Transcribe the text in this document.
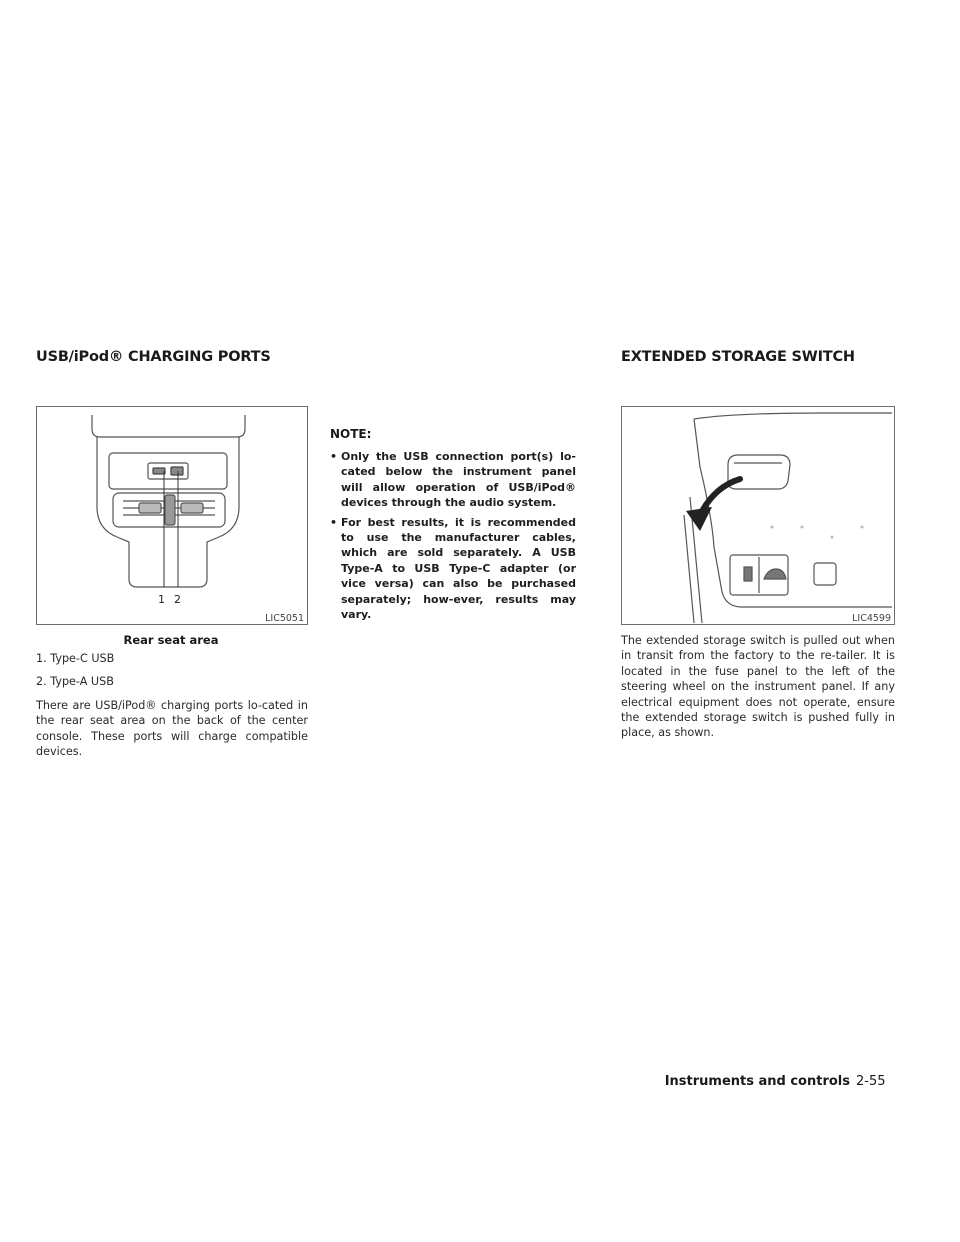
USB/iPod® CHARGING PORTS	EXTENDED STORAGE SWITCH
1 2
LIC5051

Rear seat area

1. Type-C USB

2. Type-A USB

There are USB/iPod® charging ports lo-cated in the rear seat area on the back of the center console. These ports will charge compatible devices.

NOTE:
• Only the USB connection port(s) lo-cated below the instrument panel will allow operation of USB/iPod® devices through the audio system.
• For best results, it is recommended to use the manufacturer cables, which are sold separately. A USB Type-A to USB Type-C adapter (or vice versa) can also be purchased separately; how-ever, results may vary.	LIC4599

The extended storage switch is pulled out when in transit from the factory to the re-tailer. It is located in the fuse panel to the left of the steering wheel on the instrument panel. If any electrical equipment does not operate, ensure the extended storage switch is pushed fully in place, as shown.

Instruments and controls 2-55
